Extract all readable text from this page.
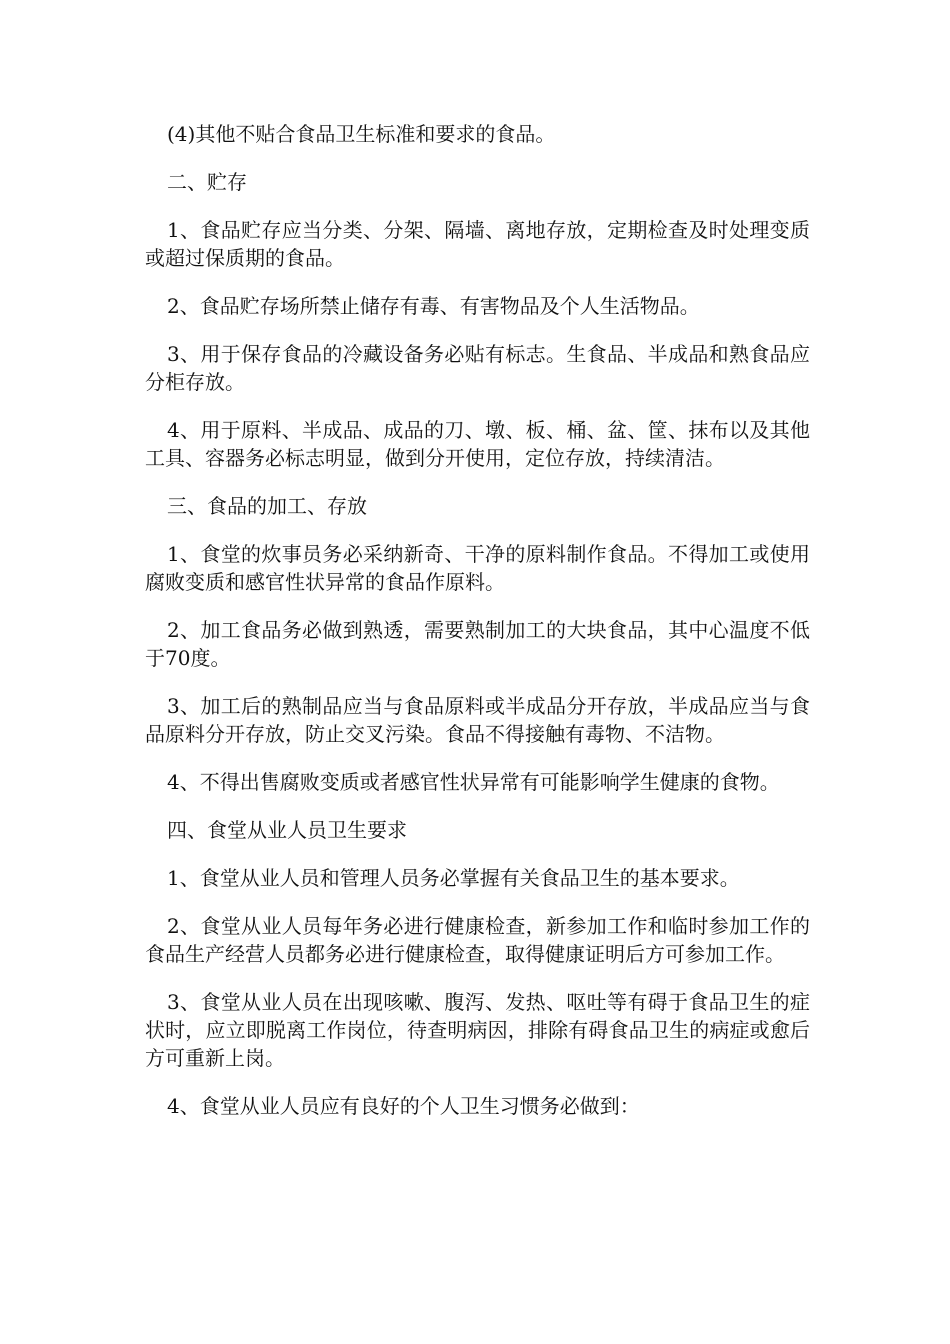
(4)其他不贴合食品卫生标准和要求的食品。

二、贮存

1、食品贮存应当分类、分架、隔墙、离地存放，定期检查及时处理变质或超过保质期的食品。

2、食品贮存场所禁止储存有毒、有害物品及个人生活物品。

3、用于保存食品的冷藏设备务必贴有标志。生食品、半成品和熟食品应分柜存放。

4、用于原料、半成品、成品的刀、墩、板、桶、盆、筐、抹布以及其他工具、容器务必标志明显，做到分开使用，定位存放，持续清洁。

三、食品的加工、存放

1、食堂的炊事员务必采纳新奇、干净的原料制作食品。不得加工或使用腐败变质和感官性状异常的食品作原料。

2、加工食品务必做到熟透，需要熟制加工的大块食品，其中心温度不低于70度。

3、加工后的熟制品应当与食品原料或半成品分开存放，半成品应当与食品原料分开存放，防止交叉污染。食品不得接触有毒物、不洁物。

4、不得出售腐败变质或者感官性状异常有可能影响学生健康的食物。

四、食堂从业人员卫生要求

1、食堂从业人员和管理人员务必掌握有关食品卫生的基本要求。

2、食堂从业人员每年务必进行健康检查，新参加工作和临时参加工作的食品生产经营人员都务必进行健康检查，取得健康证明后方可参加工作。

3、食堂从业人员在出现咳嗽、腹泻、发热、呕吐等有碍于食品卫生的症状时，应立即脱离工作岗位，待查明病因，排除有碍食品卫生的病症或愈后方可重新上岗。

4、食堂从业人员应有良好的个人卫生习惯务必做到：
